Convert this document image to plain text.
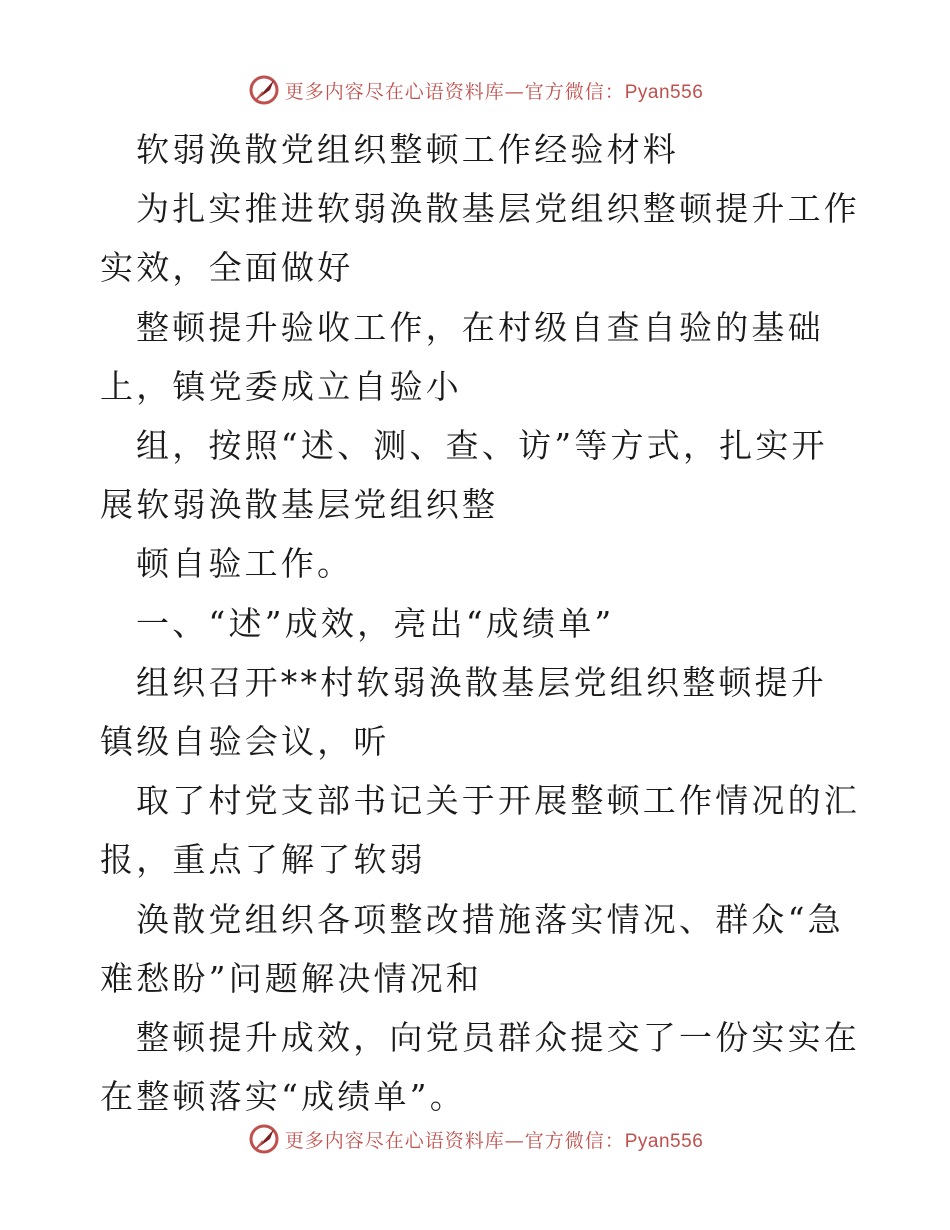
更多内容尽在心语资料库—官方微信：Pyan556

软弱涣散党组织整顿工作经验材料

为扎实推进软弱涣散基层党组织整顿提升工作实效，全面做好

整顿提升验收工作，在村级自查自验的基础上，镇党委成立自验小

组，按照“述、测、查、访”等方式，扎实开展软弱涣散基层党组织整

顿自验工作。

一、“述”成效，亮出“成绩单”

组织召开**村软弱涣散基层党组织整顿提升镇级自验会议，听

取了村党支部书记关于开展整顿工作情况的汇报，重点了解了软弱

涣散党组织各项整改措施落实情况、群众“急难愁盼”问题解决情况和

整顿提升成效，向党员群众提交了一份实实在在整顿落实“成绩单”。

更多内容尽在心语资料库—官方微信：Pyan556
